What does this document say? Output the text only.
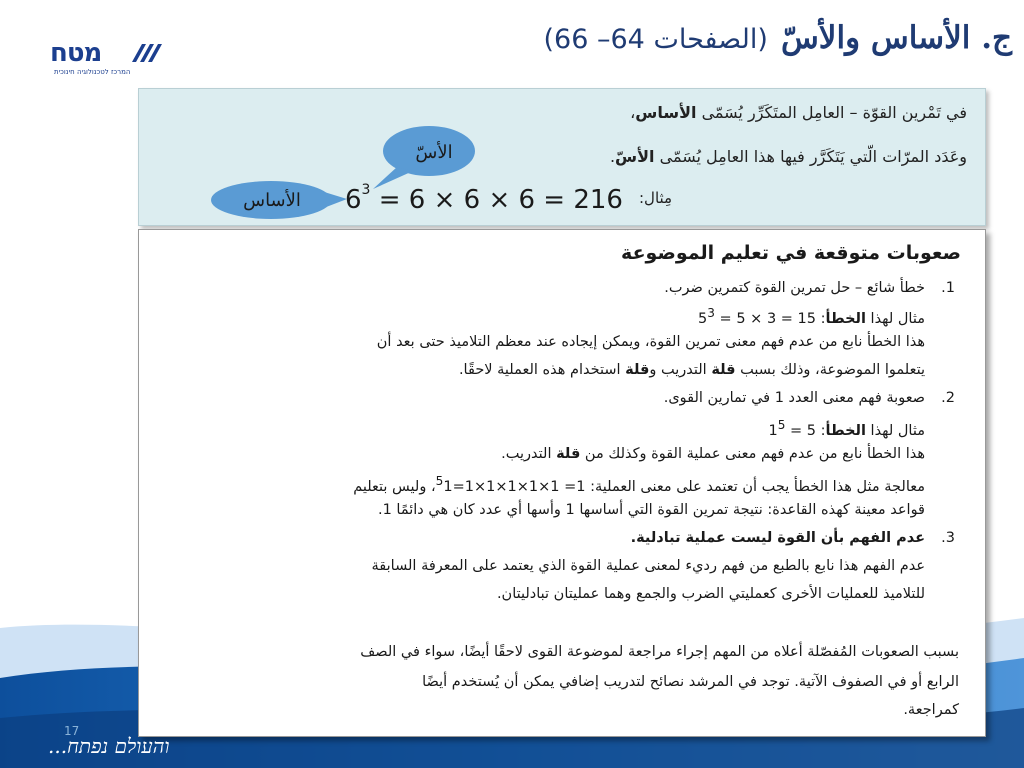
מטח
המרכז לטכנולוגיה חינוכית
ج. الأساس والأسّ (الصفحات 64– 66)
في تَمْرين القوّة – العامِل المتَكَرِّر يُسَمّى الأساس،
وعَدَد المرّات الّتي يَتَكَرَّر فيها هذا العامِل يُسَمّى الأسّ.
الأسّ
الأساس	$6^3 = 6 \times 6 \times 6 = 216$ مِثال:
صعوبات متوقعة في تعليم الموضوعة
.1
خطأ شائع – حل تمرين القوة كتمرين ضرب.
مثال لهذا الخطأ: $15 = 3 \times 5 = 5^3$
هذا الخطأ نابع من عدم فهم معنى تمرين القوة، ويمكن إيجاده عند معظم التلاميذ حتى بعد أن
يتعلموا الموضوعة، وذلك بسبب قلة التدريب وقلة استخدام هذه العملية لاحقًا.
.2
صعوبة فهم معنى العدد 1 في تمارين القوى.
مثال لهذا الخطأ: $5 = 1^5$
هذا الخطأ نابع من عدم فهم معنى عملية القوة وكذلك من قلة التدريب.
معالجة مثل هذا الخطأ يجب أن تعتمد على معنى العملية: 1= 1×1×1×1×1=$^5$1، وليس بتعليم
قواعد معينة كهذه القاعدة: نتيجة تمرين القوة التي أساسها 1 وأسها أي عدد كان هي دائمًا 1.
.3
عدم الفهم بأن القوة ليست عملية تبادلية.
عدم الفهم هذا نابع بالطبع من فهم رديء لمعنى عملية القوة الذي يعتمد على المعرفة السابقة
للتلاميذ للعمليات الأخرى كعمليتي الضرب والجمع وهما عمليتان تبادليتان.
بسبب الصعوبات المُفصّلة أعلاه من المهم إجراء مراجعة لموضوعة القوى لاحقًا أيضًا، سواء في الصف
الرابع أو في الصفوف الآتية. توجد في المرشد نصائح لتدريب إضافي يمكن أن يُستخدم أيضًا
كمراجعة.
17
והעולם נפתח...
